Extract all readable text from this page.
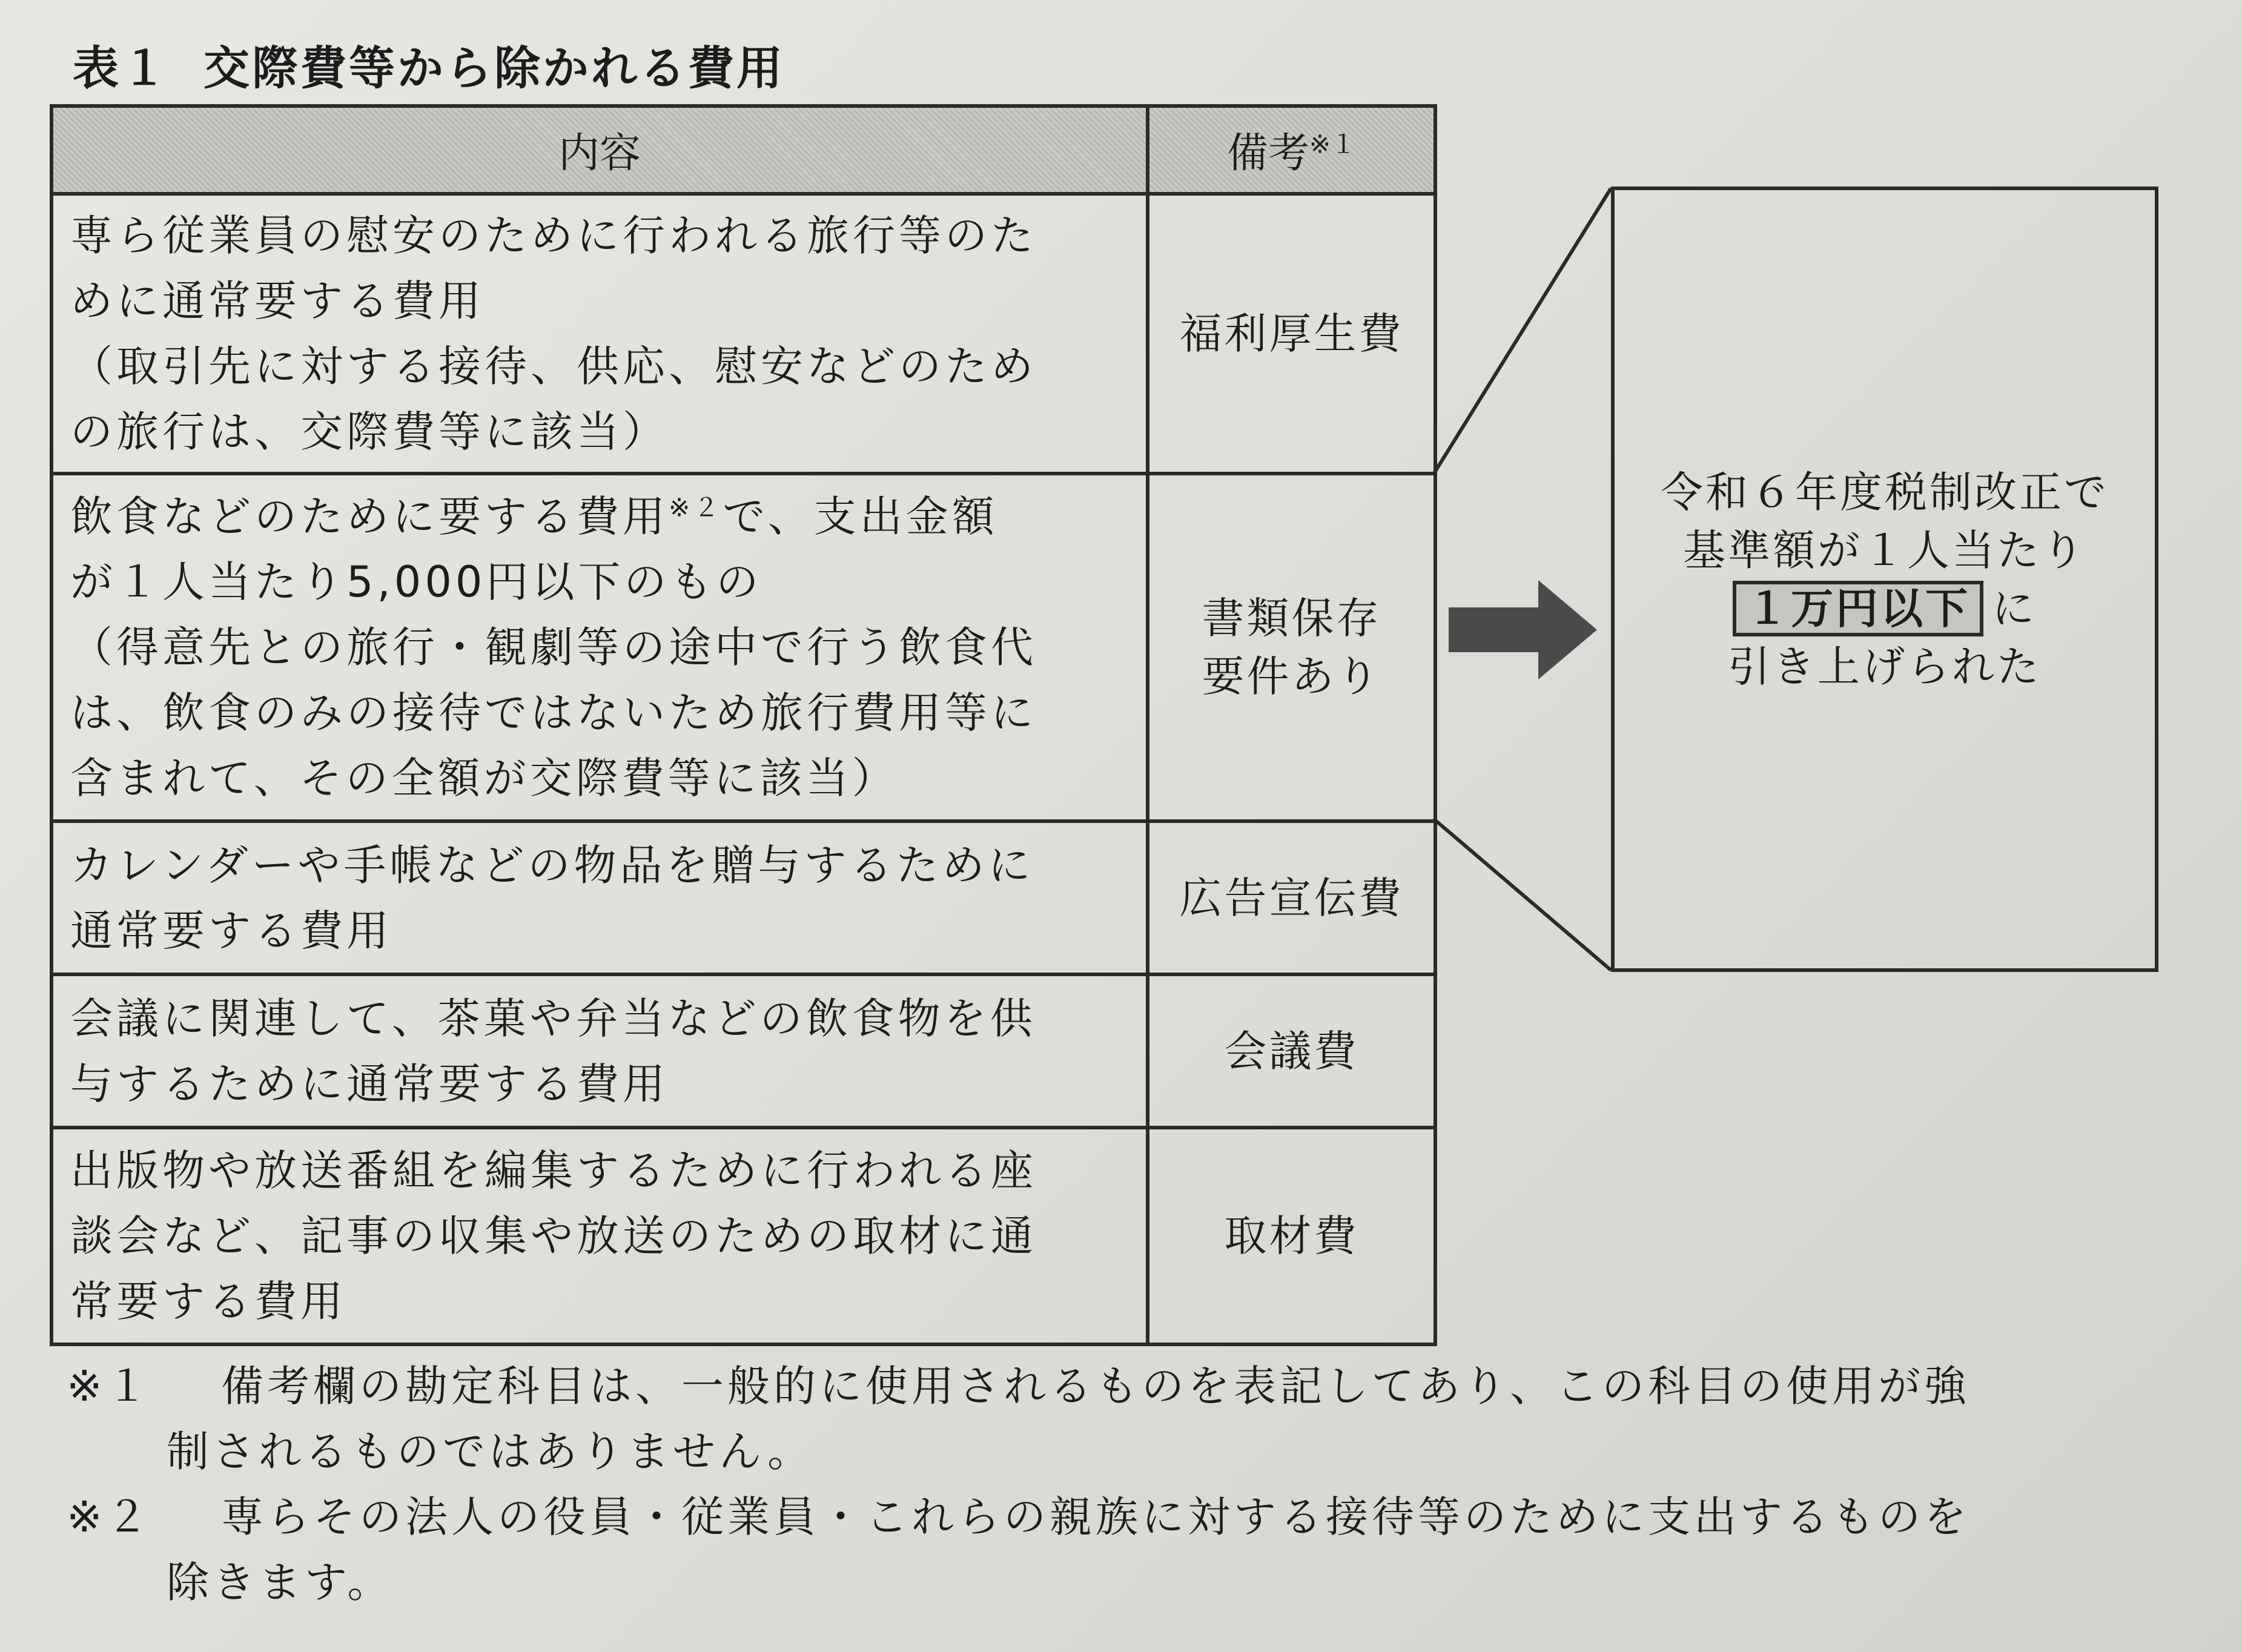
表１ 交際費等から除かれる費用
内容	備考$^{※1}$

専ら従業員の慰安のために行われる旅行等のた
めに通常要する費用
（取引先に対する接待、供応、慰安などのため
の旅行は、交際費等に該当）	福利厚生費

飲食などのために要する費用$^{※2}$で、支出金額
が１人当たり5,000円以下のもの
（得意先との旅行・観劇等の途中で行う飲食代
は、飲食のみの接待ではないため旅行費用等に
含まれて、その全額が交際費等に該当）	書類保存
要件あり

カレンダーや手帳などの物品を贈与するために
通常要する費用	広告宣伝費

会議に関連して、茶菓や弁当などの飲食物を供
与するために通常要する費用	会議費

出版物や放送番組を編集するために行われる座
談会など、記事の収集や放送のための取材に通
常要する費用	取材費
令和６年度税制改正で
基準額が１人当たり
１万円以下 に
引き上げられた
※１	備考欄の勘定科目は、一般的に使用されるものを表記してあり、この科目の使用が強
制されるものではありません。
※２	専らその法人の役員・従業員・これらの親族に対する接待等のために支出するものを
除きます。
